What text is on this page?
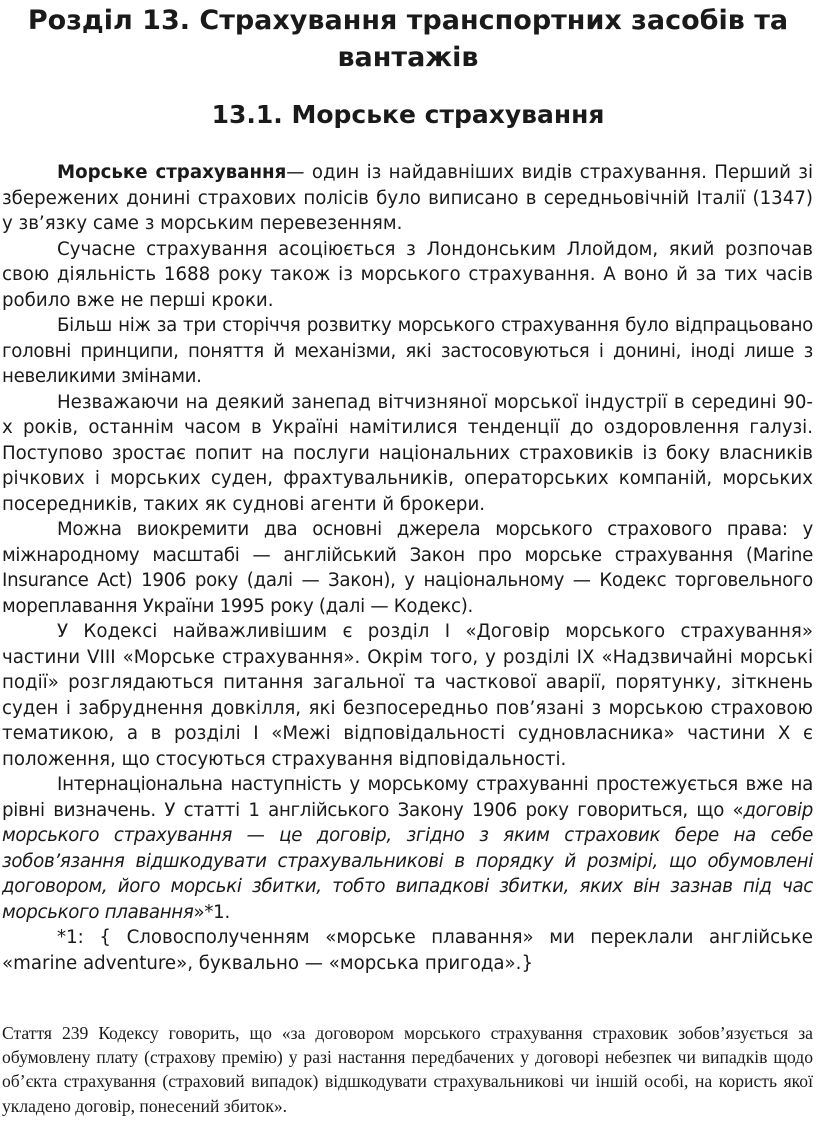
Розділ 13. Страхування транспортних засобів та вантажів
13.1. Морське страхування

Морське страхування— один із найдавніших видів страхування. Перший зі збережених донині страхових полісів було виписано в середньовічній Італії (1347) у зв’язку саме з морським перевезенням.

Сучасне страхування асоціюється з Лондонським Ллойдом, який розпочав свою діяльність 1688 року також із морського страхування. А воно й за тих часів робило вже не перші кроки.

Більш ніж за три сторіччя розвитку морського страхування було відпрацьовано головні принципи, поняття й механізми, які застосовуються і донині, іноді лише з невеликими змінами.

Незважаючи на деякий занепад вітчизняної морської індустрії в середині 90-х років, останнім часом в Україні намітилися тенденції до оздоровлення галузі. Поступово зростає попит на послуги національних страховиків із боку власників річкових і морських суден, фрахтувальників, операторських компаній, морських посередників, таких як суднові агенти й брокери.

Можна виокремити два основні джерела морського страхового права: у міжнародному масштабі — англійський Закон про морське страхування (Marine Insurance Act) 1906 року (далі — Закон), у національному — Кодекс торговельного мореплавання України 1995 року (далі — Кодекс).

У Кодексі найважливішим є розділ І «Договір морського страхування» частини VIII «Морське страхування». Окрім того, у розділі IX «Надзвичайні морські події» розглядаються питання загальної та часткової аварії, порятунку, зіткнень суден і забруднення довкілля, які безпосередньо пов’язані з морською страховою тематикою, а в розділі І «Межі відповідальності судновласника» частини Х є положення, що стосуються страхування відповідальності.

Інтернаціональна наступність у морському страхуванні простежується вже на рівні визначень. У статті 1 англійського Закону 1906 року говориться, що «договір морського страхування — це договір, згідно з яким страховик бере на себе зобов’язання відшкодувати страхувальникові в порядку й розмірі, що обумовлені договором, його морські збитки, тобто випадкові збитки, яких він зазнав під час морського плавання»*1.

*1: { Словосполученням «морське плавання» ми переклали англійське «marine adventure», буквально — «морська пригода».}

Стаття 239 Кодексу говорить, що «за договором морського страхування страховик зобов’язується за обумовлену плату (страхову премію) у разі настання передбачених у договорі небезпек чи випадків щодо об’єкта страхування (страховий випадок) відшкодувати страхувальникові чи іншій особі, на користь якої укладено договір, понесений збиток».
